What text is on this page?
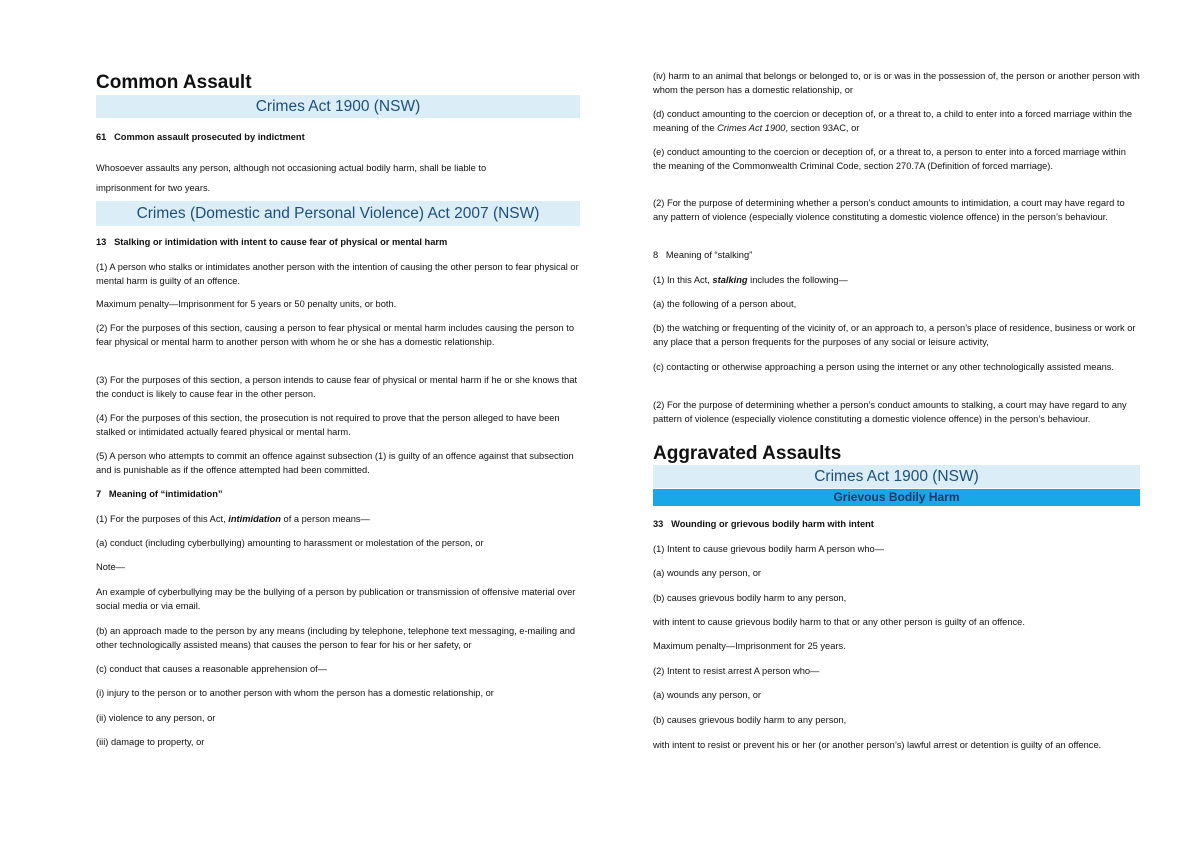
Common Assault
Crimes Act 1900 (NSW)

61 Common assault prosecuted by indictment

Whosoever assaults any person, although not occasioning actual bodily harm, shall be liable to

imprisonment for two years.

Crimes (Domestic and Personal Violence) Act 2007 (NSW)

13 Stalking or intimidation with intent to cause fear of physical or mental harm

(1) A person who stalks or intimidates another person with the intention of causing the other person to fear physical or mental harm is guilty of an offence.

Maximum penalty—Imprisonment for 5 years or 50 penalty units, or both.

(2) For the purposes of this section, causing a person to fear physical or mental harm includes causing the person to fear physical or mental harm to another person with whom he or she has a domestic relationship.

(3) For the purposes of this section, a person intends to cause fear of physical or mental harm if he or she knows that the conduct is likely to cause fear in the other person.

(4) For the purposes of this section, the prosecution is not required to prove that the person alleged to have been stalked or intimidated actually feared physical or mental harm.

(5) A person who attempts to commit an offence against subsection (1) is guilty of an offence against that subsection and is punishable as if the offence attempted had been committed.

7 Meaning of “intimidation”

(1) For the purposes of this Act, intimidation of a person means—

(a) conduct (including cyberbullying) amounting to harassment or molestation of the person, or

Note—

An example of cyberbullying may be the bullying of a person by publication or transmission of offensive material over social media or via email.

(b) an approach made to the person by any means (including by telephone, telephone text messaging, e-mailing and other technologically assisted means) that causes the person to fear for his or her safety, or

(c) conduct that causes a reasonable apprehension of—

(i) injury to the person or to another person with whom the person has a domestic relationship, or

(ii) violence to any person, or

(iii) damage to property, or

(iv) harm to an animal that belongs or belonged to, or is or was in the possession of, the person or another person with whom the person has a domestic relationship, or

(d) conduct amounting to the coercion or deception of, or a threat to, a child to enter into a forced marriage within the meaning of the Crimes Act 1900, section 93AC, or

(e) conduct amounting to the coercion or deception of, or a threat to, a person to enter into a forced marriage within the meaning of the Commonwealth Criminal Code, section 270.7A (Definition of forced marriage).

(2) For the purpose of determining whether a person’s conduct amounts to intimidation, a court may have regard to any pattern of violence (especially violence constituting a domestic violence offence) in the person’s behaviour.

8 Meaning of “stalking”

(1) In this Act, stalking includes the following—

(a) the following of a person about,

(b) the watching or frequenting of the vicinity of, or an approach to, a person’s place of residence, business or work or any place that a person frequents for the purposes of any social or leisure activity,

(c) contacting or otherwise approaching a person using the internet or any other technologically assisted means.

(2) For the purpose of determining whether a person’s conduct amounts to stalking, a court may have regard to any pattern of violence (especially violence constituting a domestic violence offence) in the person’s behaviour.

Aggravated Assaults
Crimes Act 1900 (NSW)
Grievous Bodily Harm

33 Wounding or grievous bodily harm with intent

(1) Intent to cause grievous bodily harm A person who—

(a) wounds any person, or

(b) causes grievous bodily harm to any person,

with intent to cause grievous bodily harm to that or any other person is guilty of an offence.

Maximum penalty—Imprisonment for 25 years.

(2) Intent to resist arrest A person who—

(a) wounds any person, or

(b) causes grievous bodily harm to any person,

with intent to resist or prevent his or her (or another person’s) lawful arrest or detention is guilty of an offence.
